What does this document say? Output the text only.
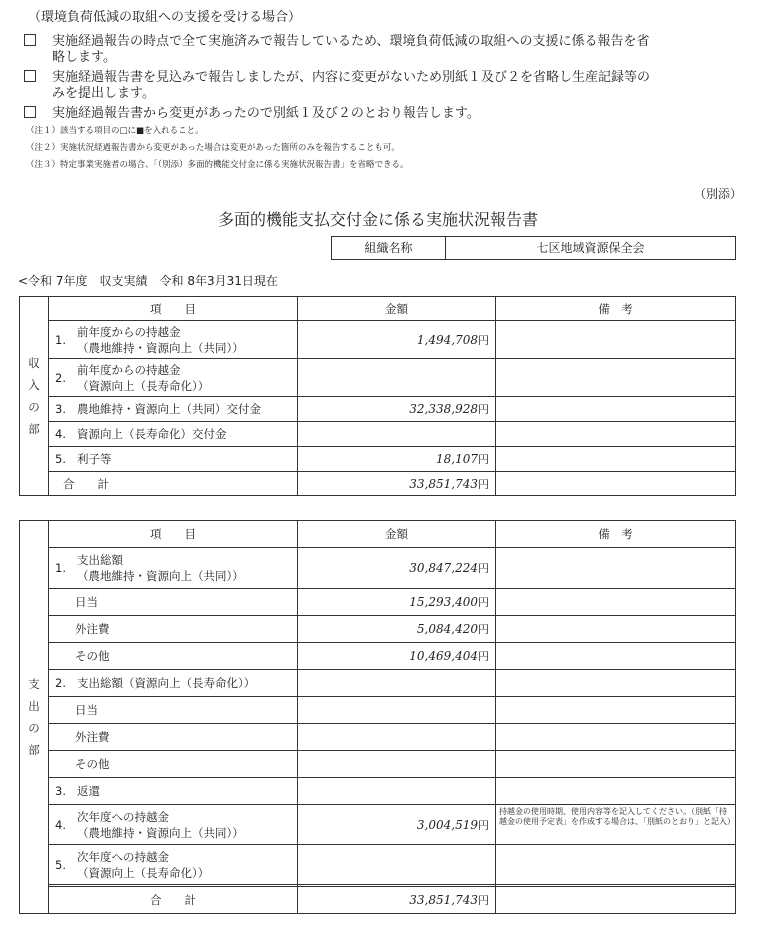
（環境負荷低減の取組への支援を受ける場合）
実施経過報告の時点で全て実施済みで報告しているため、環境負荷低減の取組への支援に係る報告を省
略します。
実施経過報告書を見込みで報告しましたが、内容に変更がないため別紙１及び２を省略し生産記録等の
みを提出します。
実施経過報告書から変更があったので別紙１及び２のとおり報告します。
（注１）該当する項目の□に■を入れること。
（注２）実施状況経過報告書から変更があった場合は変更があった箇所のみを報告することも可。
（注３）特定事業実施者の場合、「（別添）多面的機能交付金に係る実施状況報告書」を省略できる。
（別添）
多面的機能支払交付金に係る実施状況報告書
組織名称	七区地域資源保全会
<令和 7年度　収支実績　令和 8年3月31日現在
収
入
の
部	項　　目	金額	備　考

	1.
前年度からの持越金
（農地維持・資源向上（共同））	1,494,708円	

	2.
前年度からの持越金
（資源向上（長寿命化））		

	3. 農地維持・資源向上（共同）交付金	32,338,928円	
	4. 資源向上（長寿命化）交付金		
	5. 利子等	18,107円	
	合　　計	33,851,743円	
支
出
の
部	項　　目	金額	備　考

	1.
支出総額
（農地維持・資源向上（共同））	30,847,224円	
	日当	15,293,400円	
	外注費	5,084,420円	
	その他	10,469,404円	
	2. 支出総額（資源向上（長寿命化））		
	日当		
	外注費		
	その他		
	3. 返還		

	4.
次年度への持越金
（農地維持・資源向上（共同））	3,004,519円	持越金の使用時期、使用内容等を記入してください。（別紙「持越金の使用予定表」を作成する場合は、「別紙のとおり」と記入）

	5.
次年度への持越金
（資源向上（長寿命化））		

	合　　計	33,851,743円	
